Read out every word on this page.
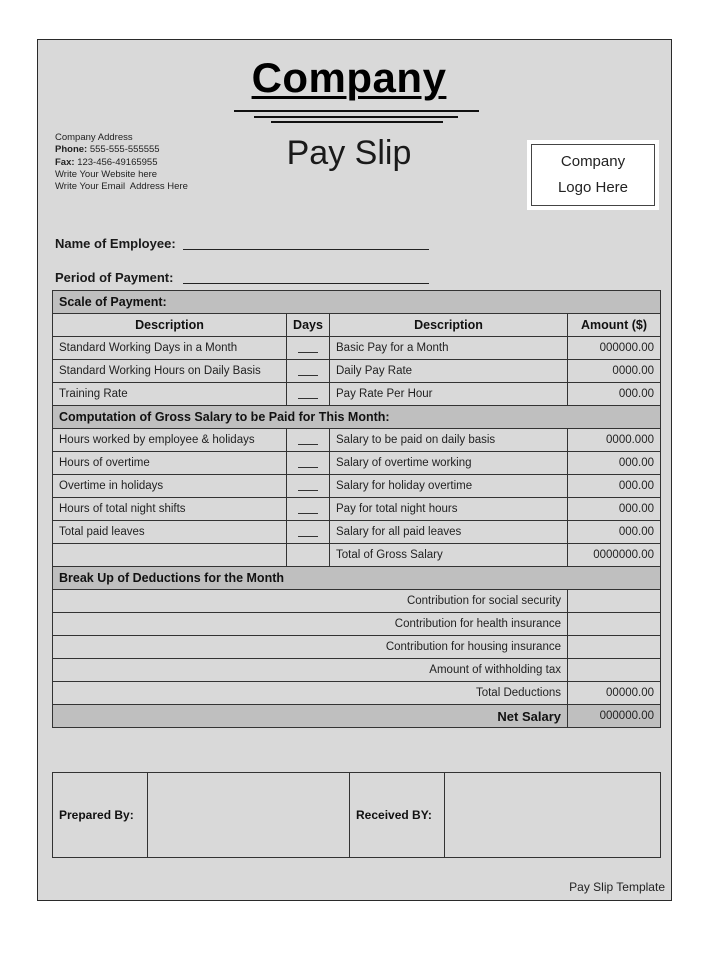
Company
Pay Slip
Company Address
Phone: 555-555-555555
Fax: 123-456-49165955
Write Your Website here
Write Your Email  Address Here
Company
Logo Here
Name of Employee:
Period of Payment:
Scale of Payment:			
Description	Days	Description	Amount ($)
Standard Working Days in a Month		Basic Pay for a Month	000000.00
Standard Working Hours on Daily Basis		Daily Pay Rate	0000.00
Training Rate		Pay Rate Per Hour	000.00
Computation of Gross Salary to be Paid for This Month:			
Hours worked by employee & holidays		Salary to be paid on daily basis	0000.000
Hours of overtime		Salary of overtime working	000.00
Overtime in holidays		Salary for holiday overtime	000.00
Hours of total night shifts		Pay for total night hours	000.00
Total paid leaves		Salary for all paid leaves	000.00
		Total of Gross Salary	0000000.00
Break Up of Deductions for the Month			
Contribution for social security			
Contribution for health insurance			
Contribution for housing insurance			
Amount of withholding tax			
Total Deductions			00000.00
Net Salary			000000.00
Prepared By:		Received BY:	
Pay Slip Template
